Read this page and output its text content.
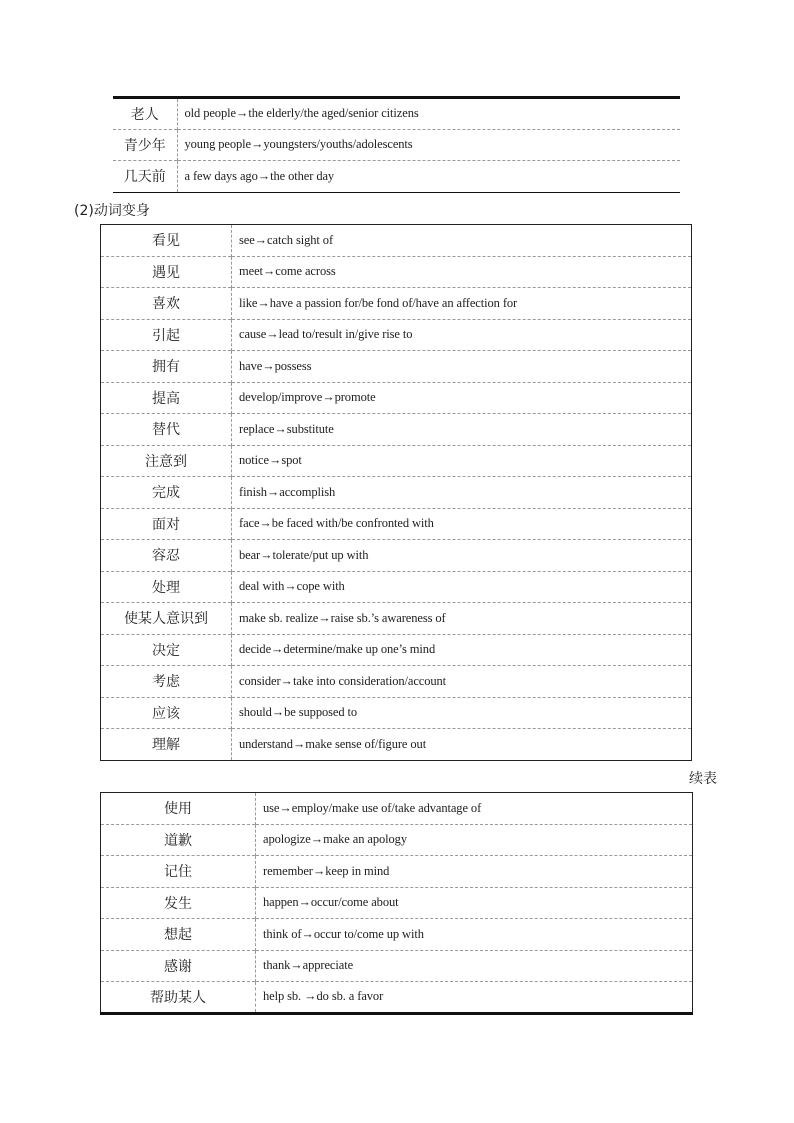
老人	old people→the elderly/the aged/senior citizens
青少年	young people→youngsters/youths/adolescents
几天前	a few days ago→the other day
(2)动词变身
看见	see→catch sight of
遇见	meet→come across
喜欢	like→have a passion for/be fond of/have an affection for
引起	cause→lead to/result in/give rise to
拥有	have→possess
提高	develop/improve→promote
替代	replace→substitute
注意到	notice→spot
完成	finish→accomplish
面对	face→be faced with/be confronted with
容忍	bear→tolerate/put up with
处理	deal with→cope with
使某人意识到	make sb. realize→raise sb.’s awareness of
决定	decide→determine/make up one’s mind
考虑	consider→take into consideration/account
应该	should→be supposed to
理解	understand→make sense of/figure out
续表
使用	use→employ/make use of/take advantage of
道歉	apologize→make an apology
记住	remember→keep in mind
发生	happen→occur/come about
想起	think of→occur to/come up with
感谢	thank→appreciate
帮助某人	help sb. →do sb. a favor
